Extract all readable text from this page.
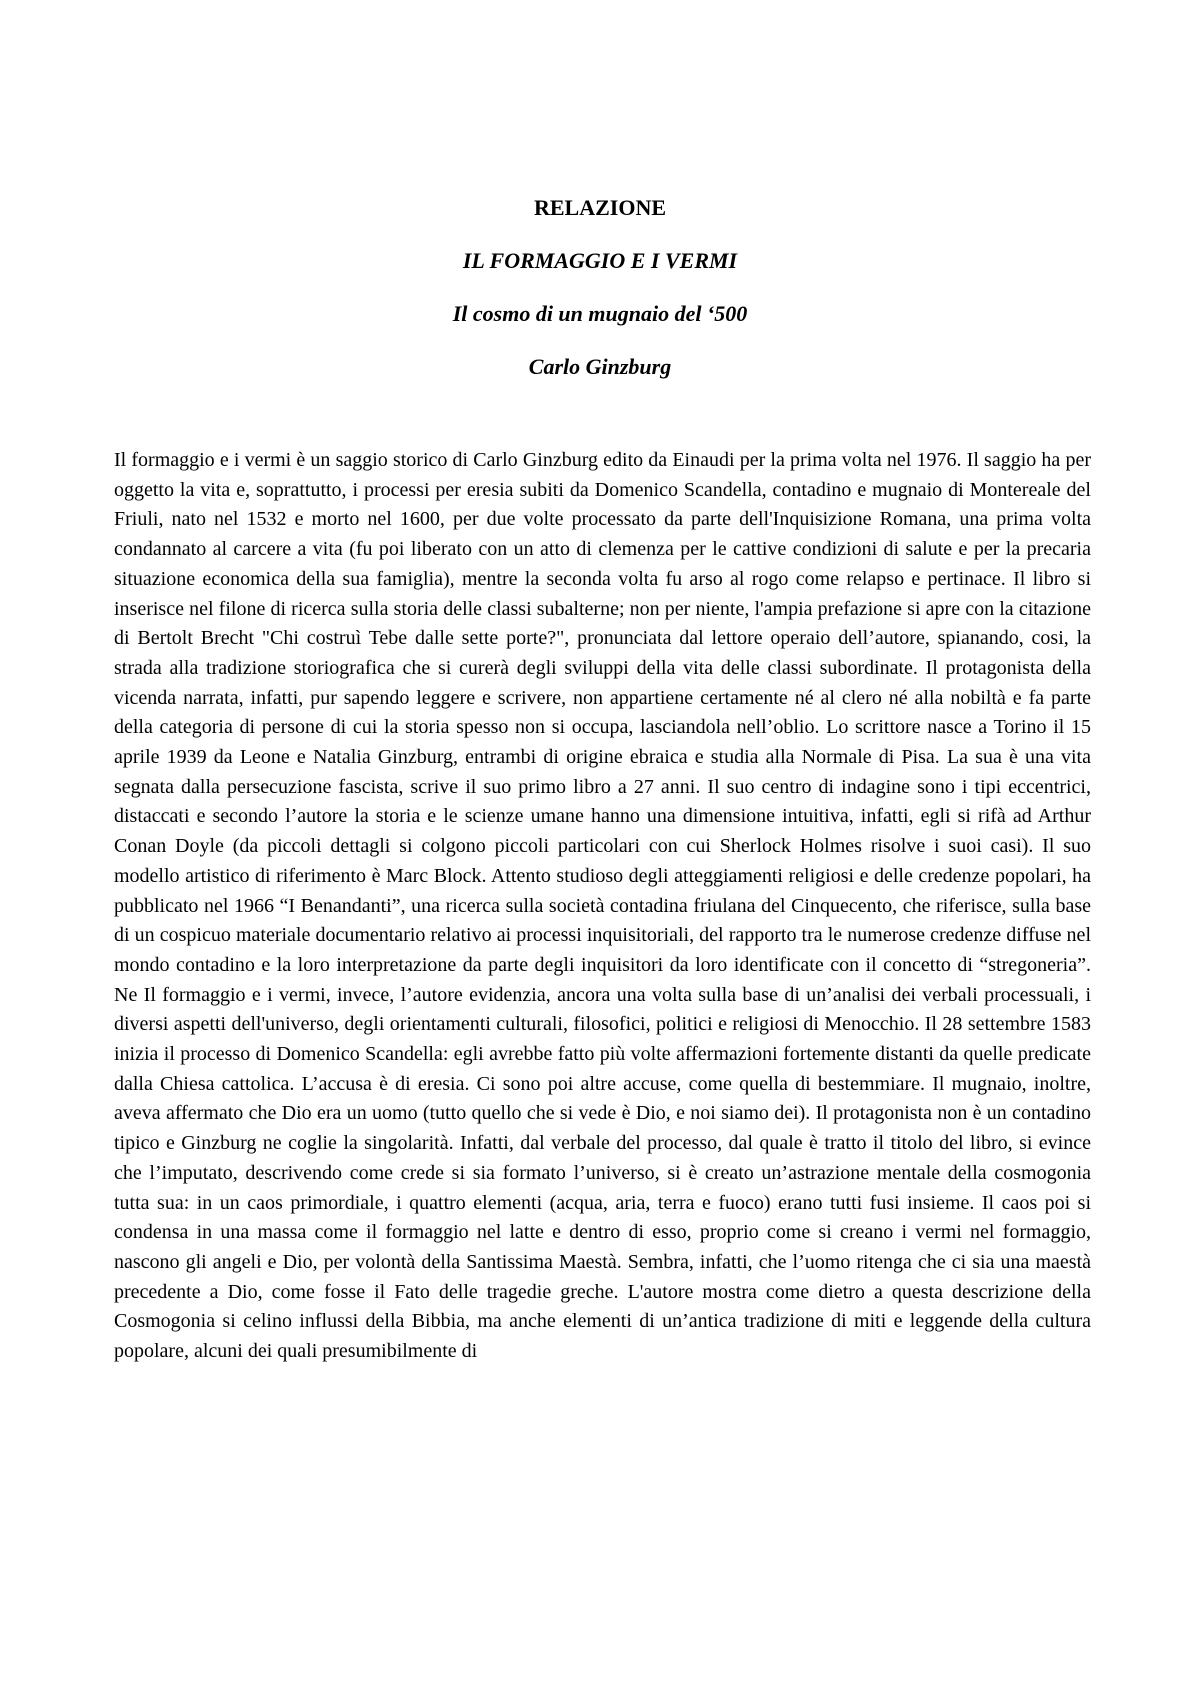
RELAZIONE
IL FORMAGGIO E I VERMI
Il cosmo di un mugnaio del ‘500
Carlo Ginzburg

Il formaggio e i vermi è un saggio storico di Carlo Ginzburg edito da Einaudi per la prima volta nel 1976. Il saggio ha per oggetto la vita e, soprattutto, i processi per eresia subiti da Domenico Scandella, contadino e mugnaio di Montereale del Friuli, nato nel 1532 e morto nel 1600, per due volte processato da parte dell'Inquisizione Romana, una prima volta condannato al carcere a vita (fu poi liberato con un atto di clemenza per le cattive condizioni di salute e per la precaria situazione economica della sua famiglia), mentre la seconda volta fu arso al rogo come relapso e pertinace. Il libro si inserisce nel filone di ricerca sulla storia delle classi subalterne; non per niente, l'ampia prefazione si apre con la citazione di Bertolt Brecht "Chi costruì Tebe dalle sette porte?", pronunciata dal lettore operaio dell’autore, spianando, cosi, la strada alla tradizione storiografica che si curerà degli sviluppi della vita delle classi subordinate. Il protagonista della vicenda narrata, infatti, pur sapendo leggere e scrivere, non appartiene certamente né al clero né alla nobiltà e fa parte della categoria di persone di cui la storia spesso non si occupa, lasciandola nell’oblio. Lo scrittore nasce a Torino il 15 aprile 1939 da Leone e Natalia Ginzburg, entrambi di origine ebraica e studia alla Normale di Pisa. La sua è una vita segnata dalla persecuzione fascista, scrive il suo primo libro a 27 anni. Il suo centro di indagine sono i tipi eccentrici, distaccati e secondo l’autore la storia e le scienze umane hanno una dimensione intuitiva, infatti, egli si rifà ad Arthur Conan Doyle (da piccoli dettagli si colgono piccoli particolari con cui Sherlock Holmes risolve i suoi casi). Il suo modello artistico di riferimento è Marc Block. Attento studioso degli atteggiamenti religiosi e delle credenze popolari, ha pubblicato nel 1966 “I Benandanti”, una ricerca sulla società contadina friulana del Cinquecento, che riferisce, sulla base di un cospicuo materiale documentario relativo ai processi inquisitoriali, del rapporto tra le numerose credenze diffuse nel mondo contadino e la loro interpretazione da parte degli inquisitori da loro identificate con il concetto di “stregoneria”. Ne Il formaggio e i vermi, invece, l’autore evidenzia, ancora una volta sulla base di un’analisi dei verbali processuali, i diversi aspetti dell'universo, degli orientamenti culturali, filosofici, politici e religiosi di Menocchio. Il 28 settembre 1583 inizia il processo di Domenico Scandella: egli avrebbe fatto più volte affermazioni fortemente distanti da quelle predicate dalla Chiesa cattolica. L’accusa è di eresia. Ci sono poi altre accuse, come quella di bestemmiare. Il mugnaio, inoltre, aveva affermato che Dio era un uomo (tutto quello che si vede è Dio, e noi siamo dei). Il protagonista non è un contadino tipico e Ginzburg ne coglie la singolarità. Infatti, dal verbale del processo, dal quale è tratto il titolo del libro, si evince che l’imputato, descrivendo come crede si sia formato l’universo, si è creato un’astrazione mentale della cosmogonia tutta sua: in un caos primordiale, i quattro elementi (acqua, aria, terra e fuoco) erano tutti fusi insieme. Il caos poi si condensa in una massa come il formaggio nel latte e dentro di esso, proprio come si creano i vermi nel formaggio, nascono gli angeli e Dio, per volontà della Santissima Maestà. Sembra, infatti, che l’uomo ritenga che ci sia una maestà precedente a Dio, come fosse il Fato delle tragedie greche. L'autore mostra come dietro a questa descrizione della Cosmogonia si celino influssi della Bibbia, ma anche elementi di un’antica tradizione di miti e leggende della cultura popolare, alcuni dei quali presumibilmente di
